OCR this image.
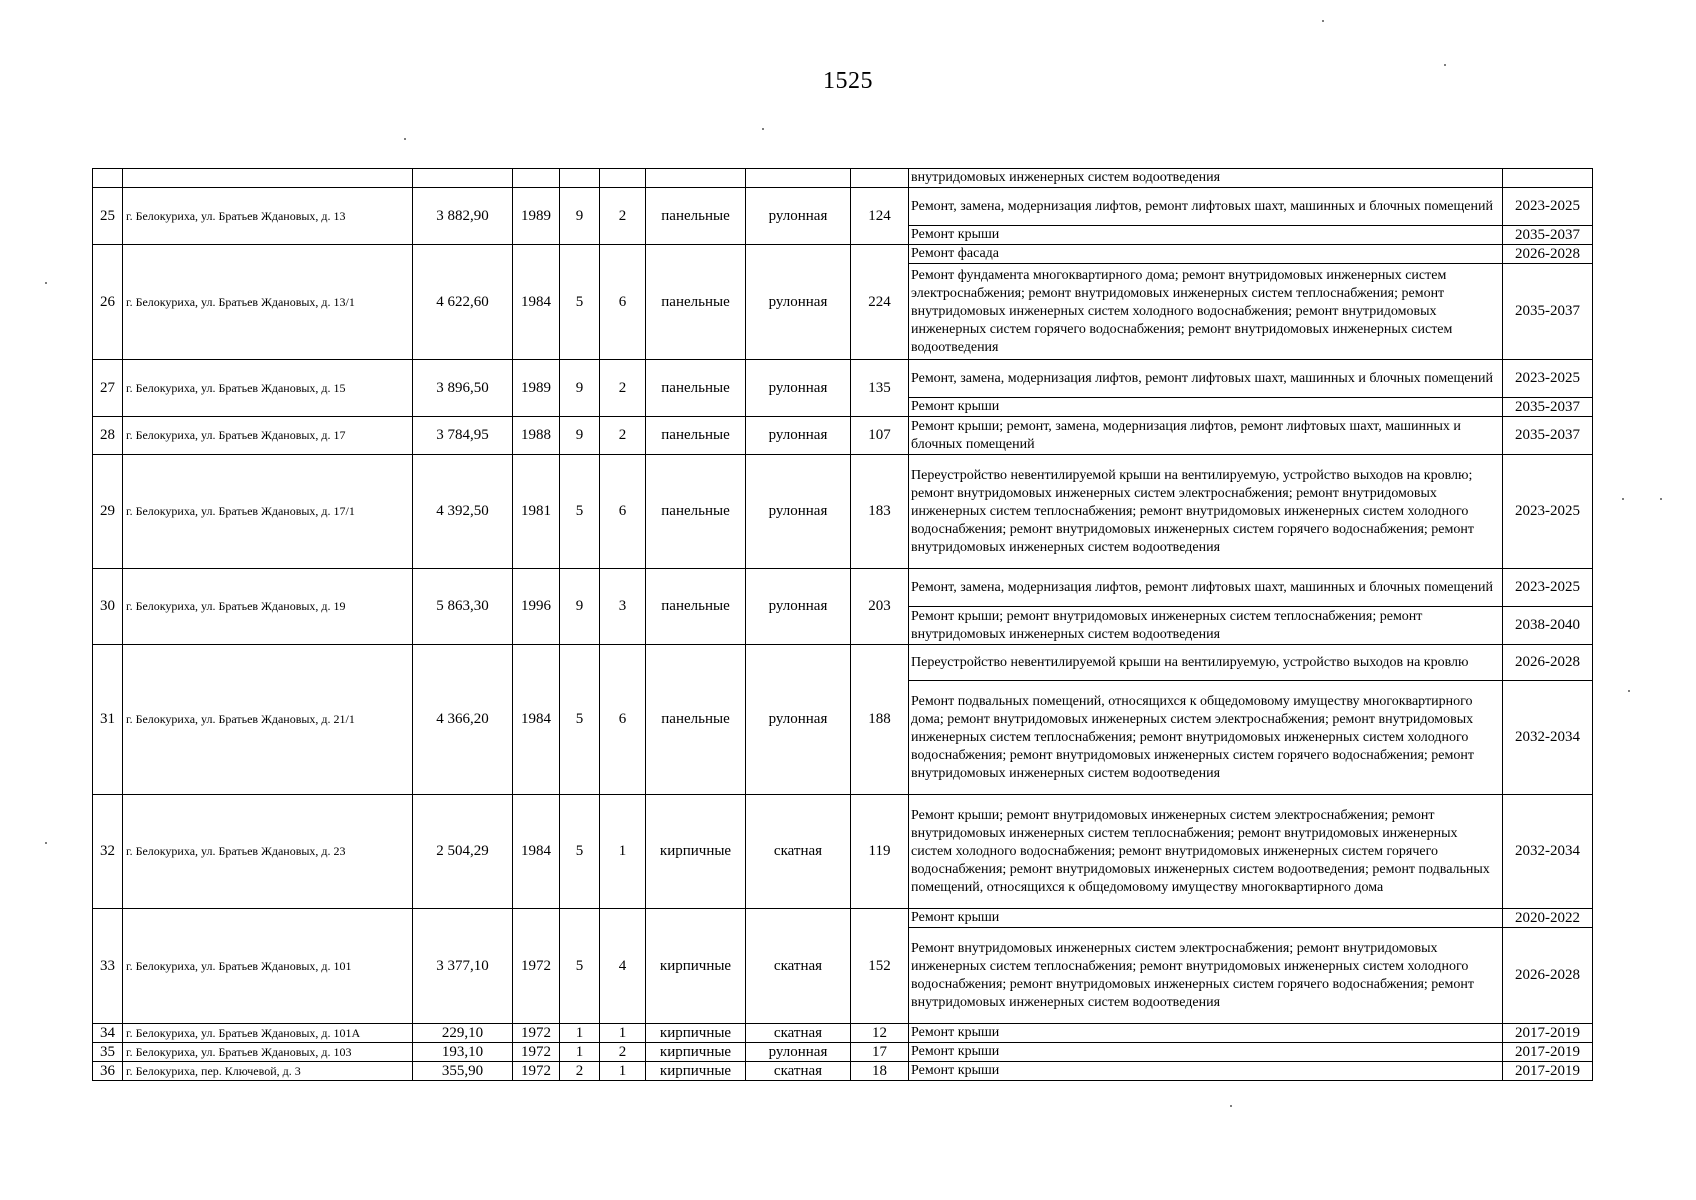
1525
									внутридомовых инженерных систем водоотведения	
25	г. Белокуриха, ул. Братьев Ждановых, д. 13	3 882,90	1989	9	2	панельные	рулонная	124	Ремонт, замена, модернизация лифтов, ремонт лифтовых шахт, машинных и блочных помещений	2023-2025
									Ремонт крыши	2035-2037
26	г. Белокуриха, ул. Братьев Ждановых, д. 13/1	4 622,60	1984	5	6	панельные	рулонная	224	Ремонт фасада	2026-2028
									Ремонт фундамента многоквартирного дома; ремонт внутридомовых инженерных систем электроснабжения; ремонт внутридомовых инженерных систем теплоснабжения; ремонт внутридомовых инженерных систем холодного водоснабжения; ремонт внутридомовых инженерных систем горячего водоснабжения; ремонт внутридомовых инженерных систем водоотведения	2035-2037
27	г. Белокуриха, ул. Братьев Ждановых, д. 15	3 896,50	1989	9	2	панельные	рулонная	135	Ремонт, замена, модернизация лифтов, ремонт лифтовых шахт, машинных и блочных помещений	2023-2025
									Ремонт крыши	2035-2037
28	г. Белокуриха, ул. Братьев Ждановых, д. 17	3 784,95	1988	9	2	панельные	рулонная	107	Ремонт крыши; ремонт, замена, модернизация лифтов, ремонт лифтовых шахт, машинных и блочных помещений	2035-2037
29	г. Белокуриха, ул. Братьев Ждановых, д. 17/1	4 392,50	1981	5	6	панельные	рулонная	183	Переустройство невентилируемой крыши на вентилируемую, устройство выходов на кровлю; ремонт внутридомовых инженерных систем электроснабжения; ремонт внутридомовых инженерных систем теплоснабжения; ремонт внутридомовых инженерных систем холодного водоснабжения; ремонт внутридомовых инженерных систем горячего водоснабжения; ремонт внутридомовых инженерных систем водоотведения	2023-2025
30	г. Белокуриха, ул. Братьев Ждановых, д. 19	5 863,30	1996	9	3	панельные	рулонная	203	Ремонт, замена, модернизация лифтов, ремонт лифтовых шахт, машинных и блочных помещений	2023-2025
									Ремонт крыши; ремонт внутридомовых инженерных систем теплоснабжения; ремонт внутридомовых инженерных систем водоотведения	2038-2040
31	г. Белокуриха, ул. Братьев Ждановых, д. 21/1	4 366,20	1984	5	6	панельные	рулонная	188	Переустройство невентилируемой крыши на вентилируемую, устройство выходов на кровлю	2026-2028
									Ремонт подвальных помещений, относящихся к общедомовому имуществу многоквартирного дома; ремонт внутридомовых инженерных систем электроснабжения; ремонт внутридомовых инженерных систем теплоснабжения; ремонт внутридомовых инженерных систем холодного водоснабжения; ремонт внутридомовых инженерных систем горячего водоснабжения; ремонт внутридомовых инженерных систем водоотведения	2032-2034
32	г. Белокуриха, ул. Братьев Ждановых, д. 23	2 504,29	1984	5	1	кирпичные	скатная	119	Ремонт крыши; ремонт внутридомовых инженерных систем электроснабжения; ремонт внутридомовых инженерных систем теплоснабжения; ремонт внутридомовых инженерных систем холодного водоснабжения; ремонт внутридомовых инженерных систем горячего водоснабжения; ремонт внутридомовых инженерных систем водоотведения; ремонт подвальных помещений, относящихся к общедомовому имуществу многоквартирного дома	2032-2034
33	г. Белокуриха, ул. Братьев Ждановых, д. 101	3 377,10	1972	5	4	кирпичные	скатная	152	Ремонт крыши	2020-2022
									Ремонт внутридомовых инженерных систем электроснабжения; ремонт внутридомовых инженерных систем теплоснабжения; ремонт внутридомовых инженерных систем холодного водоснабжения; ремонт внутридомовых инженерных систем горячего водоснабжения; ремонт внутридомовых инженерных систем водоотведения	2026-2028
34	г. Белокуриха, ул. Братьев Ждановых, д. 101А	229,10	1972	1	1	кирпичные	скатная	12	Ремонт крыши	2017-2019
35	г. Белокуриха, ул. Братьев Ждановых, д. 103	193,10	1972	1	2	кирпичные	рулонная	17	Ремонт крыши	2017-2019
36	г. Белокуриха, пер. Ключевой, д. 3	355,90	1972	2	1	кирпичные	скатная	18	Ремонт крыши	2017-2019
